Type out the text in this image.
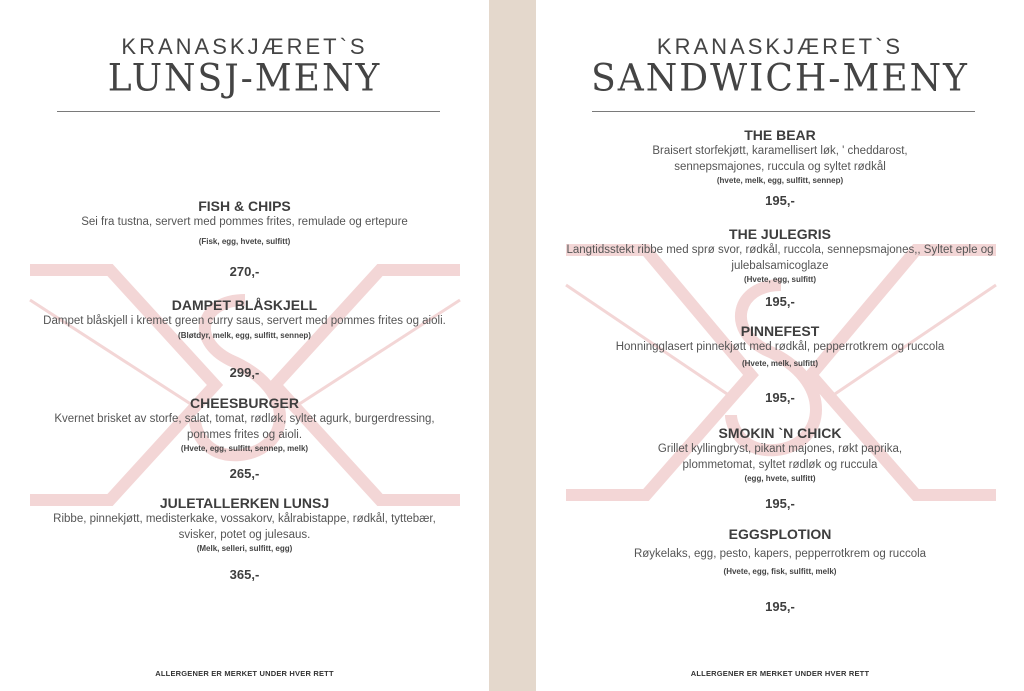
KRANASKJÆRET`S
LUNSJ-MENY
FISH & CHIPS
Sei fra tustna, servert med pommes frites, remulade og ertepure
(Fisk, egg, hvete, sulfitt)
270,-
DAMPET BLÅSKJELL
Dampet blåskjell i kremet green curry saus, servert med pommes frites og aioli.
(Bløtdyr, melk, egg, sulfitt, sennep)
299,-
CHEESBURGER
Kvernet brisket av storfe, salat, tomat, rødløk, syltet agurk, burgerdressing, pommes frites og aioli.
(Hvete, egg, sulfitt, sennep, melk)
265,-
JULETALLERKEN LUNSJ
Ribbe, pinnekjøtt, medisterkake, vossakorv, kålrabistappe, rødkål, tyttebær, svisker, potet og julesaus.
(Melk, selleri, sulfitt, egg)
365,-
ALLERGENER ER MERKET UNDER HVER RETT
KRANASKJÆRET`S
SANDWICH-MENY
THE BEAR
Braisert storfekjøtt, karamellisert løk, ' cheddarost, sennepsmajones, ruccula og syltet rødkål
(hvete, melk, egg, sulfitt, sennep)
195,-
THE JULEGRIS
Langtidsstekt ribbe med sprø svor, rødkål, ruccola, sennepsmajones,, Syltet eple og julebalsamicoglaze
(Hvete, egg, sulfitt)
195,-
PINNEFEST
Honningglasert pinnekjøtt med rødkål, pepperrotkrem og ruccola
(Hvete, melk, sulfitt)
195,-
SMOKIN `N CHICK
Grillet kyllingbryst, pikant majones, røkt paprika, plommetomat, syltet rødløk og ruccula
(egg, hvete, sulfitt)
195,-
EGGSPLOTION
Røykelaks, egg, pesto, kapers, pepperrotkrem og ruccola
(Hvete, egg, fisk, sulfitt, melk)
195,-
ALLERGENER ER MERKET UNDER HVER RETT
